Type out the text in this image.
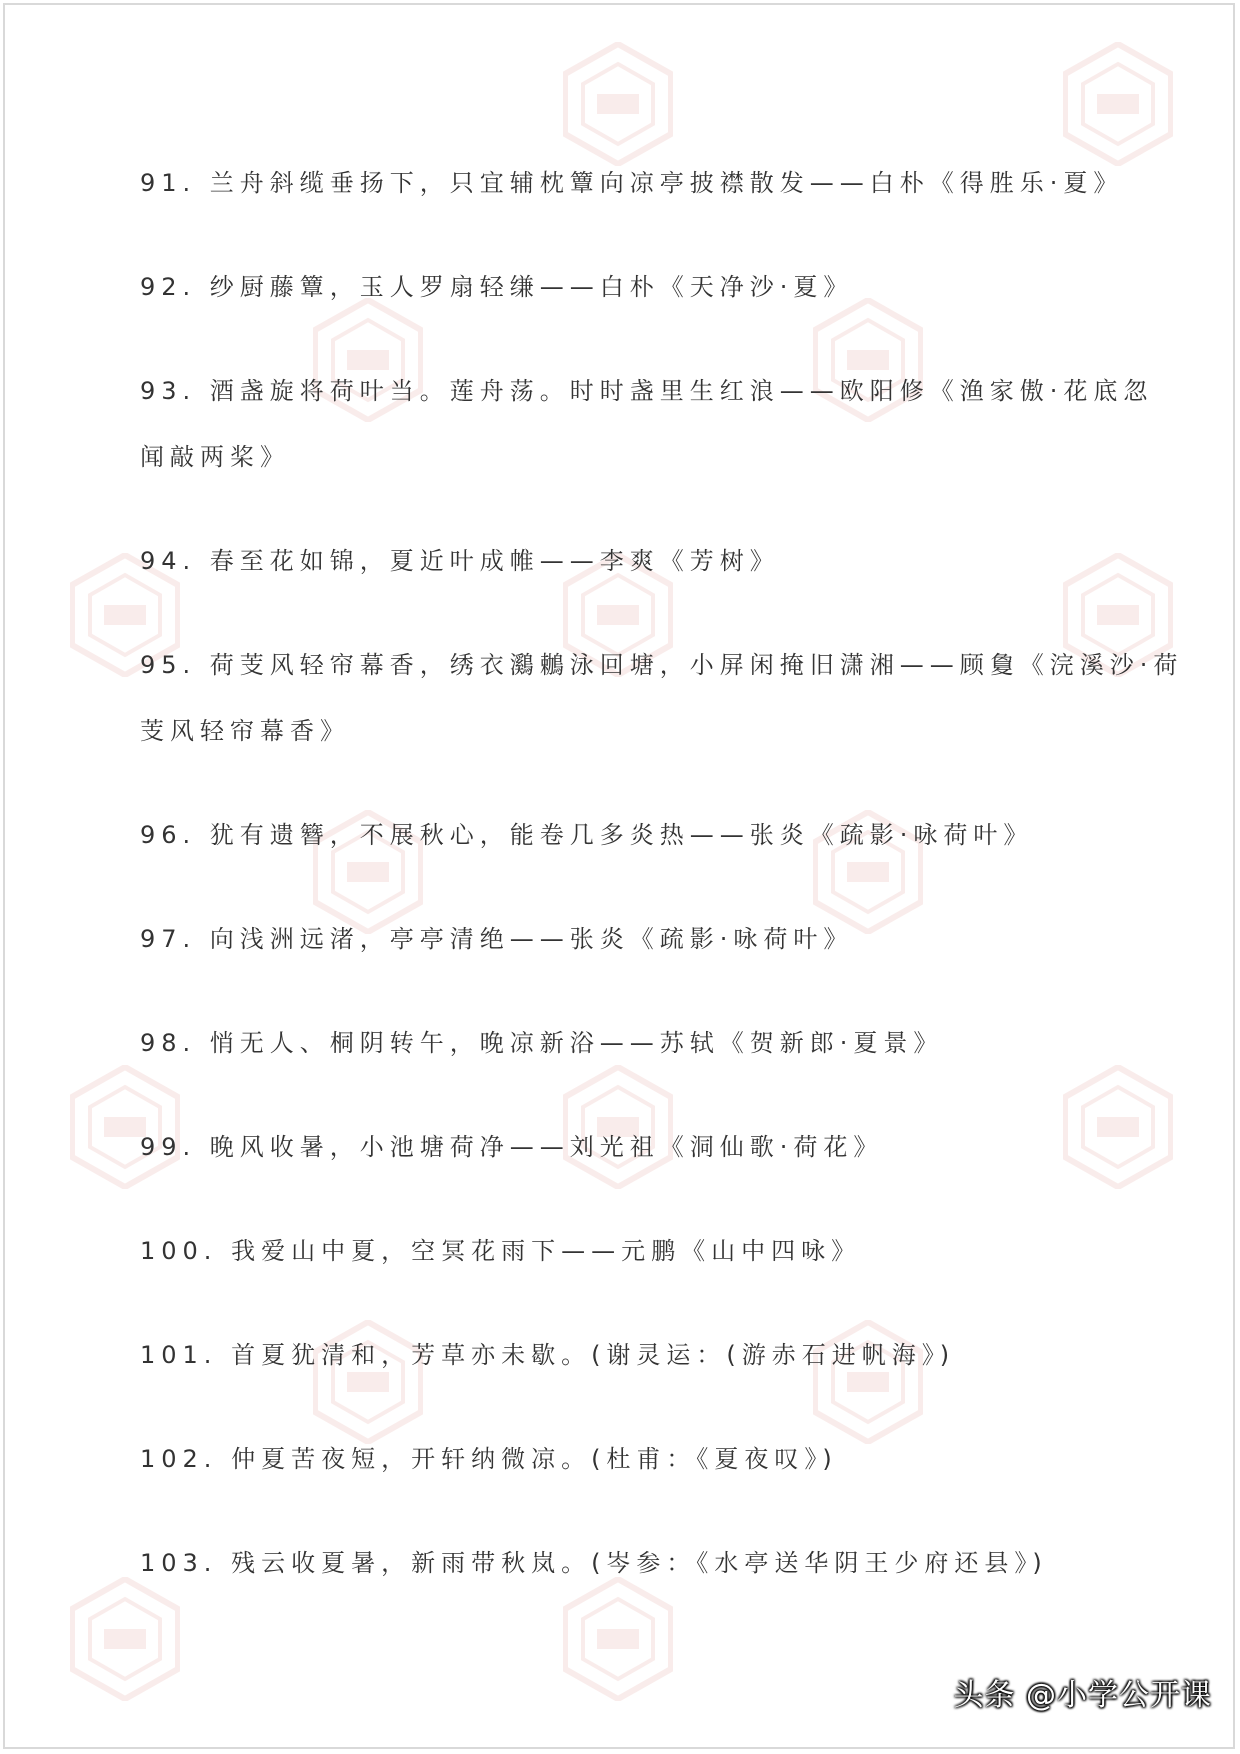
91. 兰舟斜缆垂扬下，只宜辅枕簟向凉亭披襟散发——白朴《得胜乐·夏》
92. 纱厨藤簟，玉人罗扇轻缣——白朴《天净沙·夏》
93. 酒盏旋将荷叶当。莲舟荡。时时盏里生红浪——欧阳修《渔家傲·花底忽
闻敲两桨》
94. 春至花如锦，夏近叶成帷——李爽《芳树》
95. 荷芰风轻帘幕香，绣衣鸂鶒泳回塘，小屏闲掩旧潇湘——顾敻《浣溪沙·荷
芰风轻帘幕香》
96. 犹有遗簪，不展秋心，能卷几多炎热——张炎《疏影·咏荷叶》
97. 向浅洲远渚，亭亭清绝——张炎《疏影·咏荷叶》
98. 悄无人、桐阴转午，晚凉新浴——苏轼《贺新郎·夏景》
99. 晚风收暑，小池塘荷净——刘光祖《洞仙歌·荷花》
100. 我爱山中夏，空冥花雨下——元鹏《山中四咏》
101. 首夏犹清和，芳草亦未歇。(谢灵运：(游赤石进帆海》)
102. 仲夏苦夜短，开轩纳微凉。(杜甫：《夏夜叹》)
103. 残云收夏暑，新雨带秋岚。(岑参：《水亭送华阴王少府还县》)
头条 @小学公开课
